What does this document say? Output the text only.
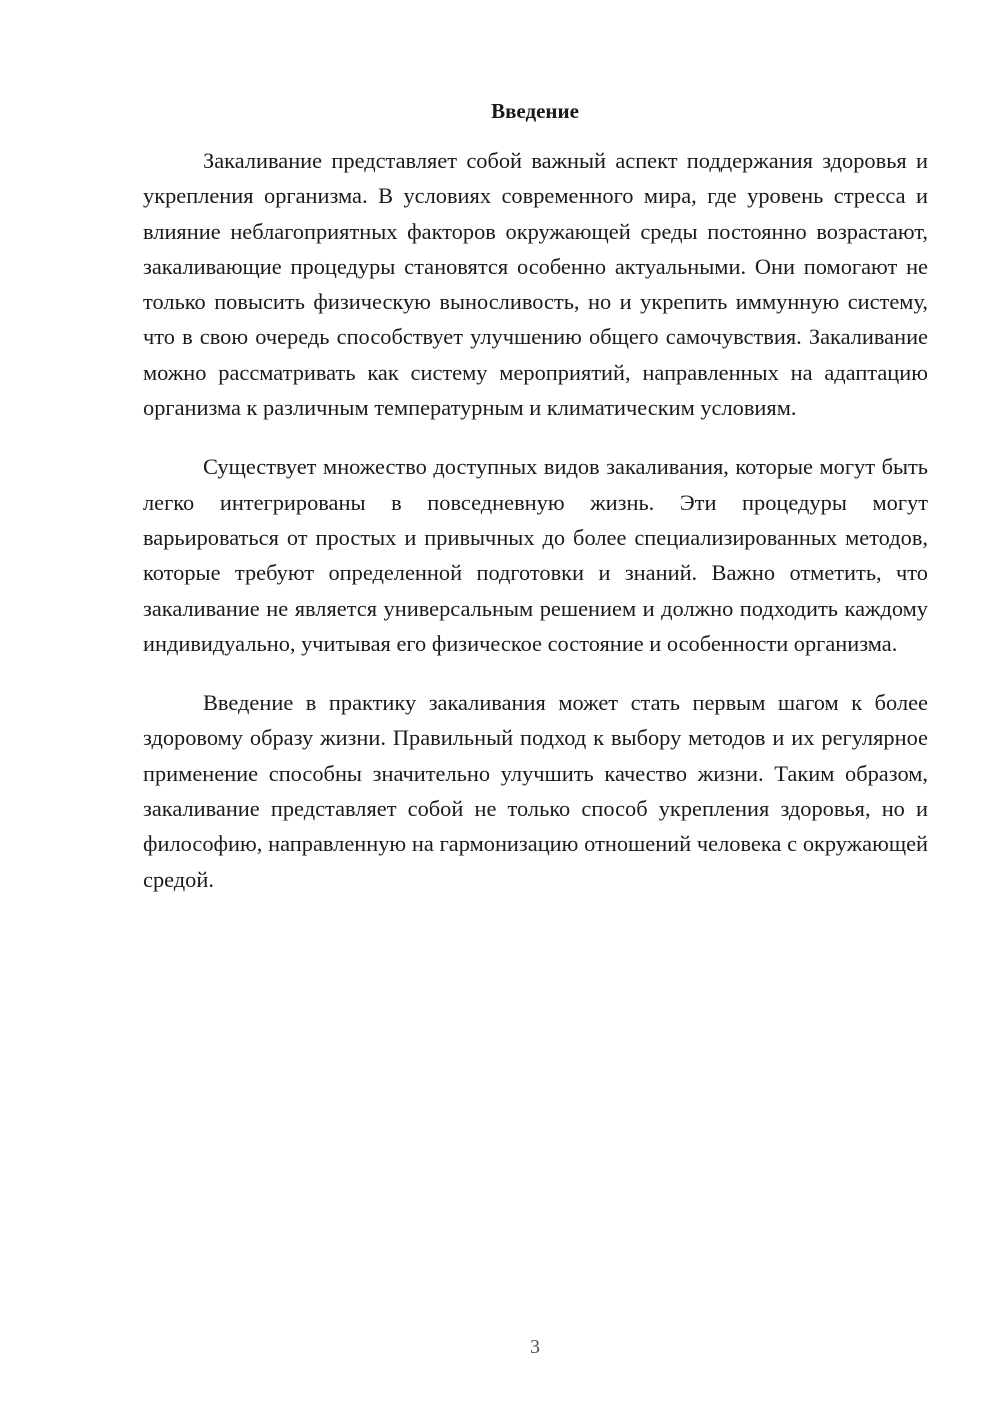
Введение

Закаливание представляет собой важный аспект поддержания здоровья и укрепления организма. В условиях современного мира, где уровень стресса и влияние неблагоприятных факторов окружающей среды постоянно возрастают, закаливающие процедуры становятся особенно актуальными. Они помогают не только повысить физическую выносливость, но и укрепить иммунную систему, что в свою очередь способствует улучшению общего самочувствия. Закаливание можно рассматривать как систему мероприятий, направленных на адаптацию организма к различным температурным и климатическим условиям.

Существует множество доступных видов закаливания, которые могут быть легко интегрированы в повседневную жизнь. Эти процедуры могут варьироваться от простых и привычных до более специализированных методов, которые требуют определенной подготовки и знаний. Важно отметить, что закаливание не является универсальным решением и должно подходить каждому индивидуально, учитывая его физическое состояние и особенности организма.

Введение в практику закаливания может стать первым шагом к более здоровому образу жизни. Правильный подход к выбору методов и их регулярное применение способны значительно улучшить качество жизни. Таким образом, закаливание представляет собой не только способ укрепления здоровья, но и философию, направленную на гармонизацию отношений человека с окружающей средой.

3
